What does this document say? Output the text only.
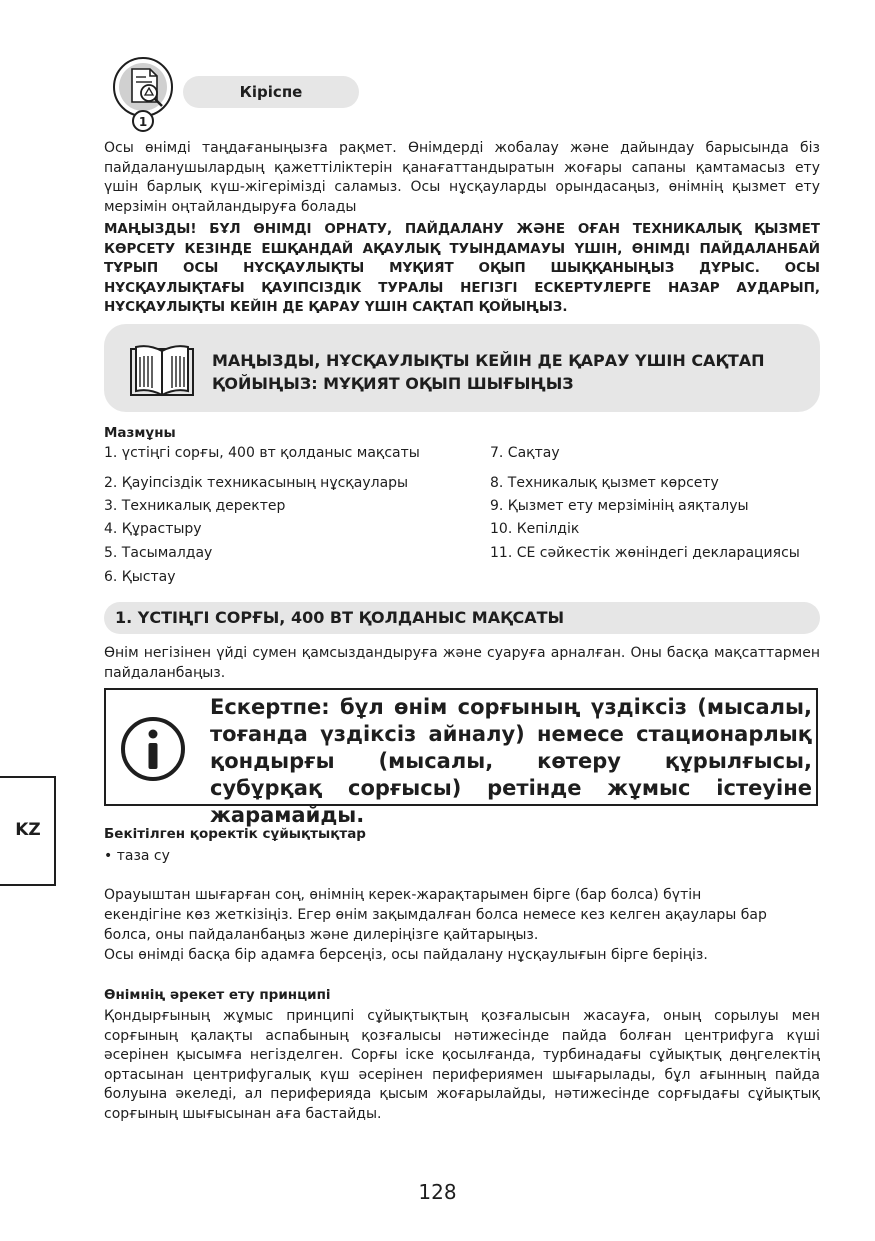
1
Кіріспе

Осы өнімді таңдағаныңызға рақмет. Өнімдерді жобалау және дайындау барысында біз пайдаланушылардың қажеттіліктерін қанағаттандыратын жоғары сапаны қамтамасыз ету үшін барлық күш-жігерімізді саламыз. Осы нұсқауларды орындасаңыз, өнімнің қызмет ету мерзімін оңтайландыруға болады

МАҢЫЗДЫ! БҰЛ ӨНІМДІ ОРНАТУ, ПАЙДАЛАНУ ЖӘНЕ ОҒАН ТЕХНИКАЛЫҚ ҚЫЗМЕТ КӨРСЕТУ КЕЗІНДЕ ЕШҚАНДАЙ АҚАУЛЫҚ ТУЫНДАМАУЫ ҮШІН, ӨНІМДІ ПАЙДАЛАНБАЙ ТҰРЫП ОСЫ НҰСҚАУЛЫҚТЫ МҰҚИЯТ ОҚЫП ШЫҚҚАНЫҢЫЗ ДҰРЫС. ОСЫ НҰСҚАУЛЫҚТАҒЫ ҚАУІПСІЗДІК ТУРАЛЫ НЕГІЗГІ ЕСКЕРТУЛЕРГЕ НАЗАР АУДАРЫП, НҰСҚАУЛЫҚТЫ КЕЙІН ДЕ ҚАРАУ ҮШІН САҚТАП ҚОЙЫҢЫЗ.

МАҢЫЗДЫ, НҰСҚАУЛЫҚТЫ КЕЙІН ДЕ ҚАРАУ ҮШІН САҚТАП
ҚОЙЫҢЫЗ: МҰҚИЯТ ОҚЫП ШЫҒЫҢЫЗ
Мазмұны
1. үстіңгі сорғы, 400 вт қолданыс мақсаты
2. Қауіпсіздік техникасының нұсқаулары
3. Техникалық деректер
4. Құрастыру
5. Тасымалдау
6. Қыстау
7. Сақтау
8. Техникалық қызмет көрсету
9. Қызмет ету мерзімінің аяқталуы
10. Кепілдік
11. СЕ сәйкестік жөніндегі декларациясы
1. ҮСТІҢГІ СОРҒЫ, 400 ВТ ҚОЛДАНЫС МАҚСАТЫ

Өнім негізінен үйді сумен қамсыздандыруға және суаруға арналған. Оны басқа мақсаттармен пайдаланбаңыз.

Ескертпе: бұл өнім сорғының үздіксіз (мысалы, тоғанда үздіксіз айналу) немесе стационарлық қондырғы (мысалы, көтеру құрылғысы, субұрқақ сорғысы) ретінде жұмыс істеуіне жарамайды.

KZ	Бекітілген қоректік сұйықтықтар
• таза су
Орауыштан шығарған соң, өнімнің керек-жарақтарымен бірге (бар болса) бүтін
екендігіне көз жеткізіңіз. Егер өнім зақымдалған болса немесе кез келген ақаулары бар
болса, оны пайдаланбаңыз және дилеріңізге қайтарыңыз.
Осы өнімді басқа бір адамға берсеңіз, осы пайдалану нұсқаулығын бірге беріңіз.
Өнімнің әрекет ету принципі

Қондырғының жұмыс принципі сұйықтықтың қозғалысын жасауға, оның сорылуы мен сорғының қалақты аспабының қозғалысы нәтижесінде пайда болған центрифуга күші әсерінен қысымға негізделген. Сорғы іске қосылғанда, турбинадағы сұйықтық дөңгелектің ортасынан центрифугалық күш әсерінен перифериямен шығарылады, бұл ағынның пайда болуына әкеледі, ал периферияда қысым жоғарылайды, нәтижесінде сорғыдағы сұйықтық сорғының шығысынан аға бастайды.

128
